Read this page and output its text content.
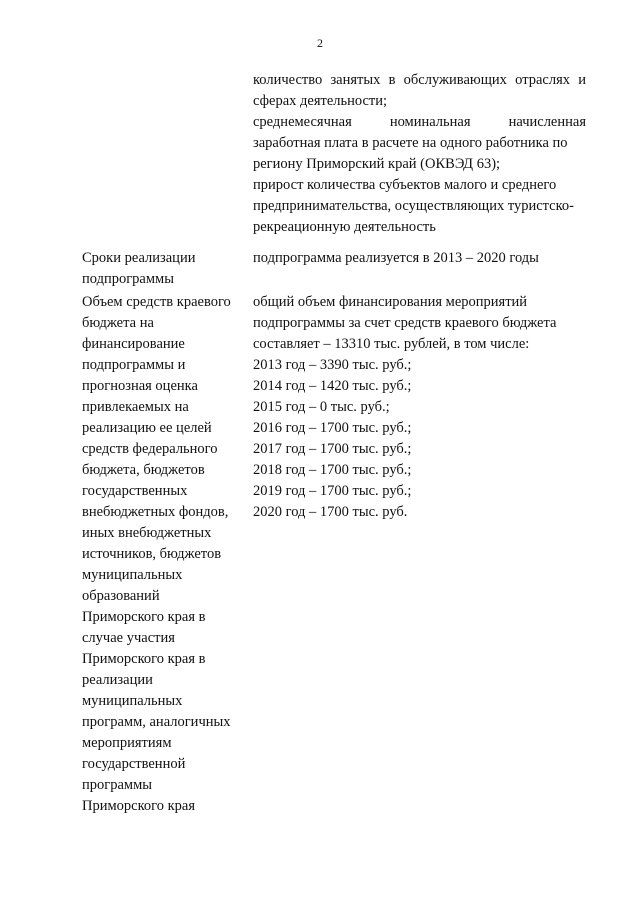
2
количество занятых в обслуживающих отраслях и
сферах деятельности;
среднемесячная	номинальная	начисленная
заработная плата в расчете на одного работника по
региону Приморский край (ОКВЭД 63);
прирост количества субъектов малого и среднего
предпринимательства, осуществляющих туристско-
рекреационную деятельность
Сроки реализации
подпрограммы
подпрограмма реализуется в 2013 – 2020 годы
Объем средств краевого
бюджета на
финансирование
подпрограммы и
прогнозная оценка
привлекаемых на
реализацию ее целей
средств федерального
бюджета, бюджетов
государственных
внебюджетных фондов,
иных внебюджетных
источников, бюджетов
муниципальных
образований
Приморского края в
случае участия
Приморского края в
реализации
муниципальных
программ, аналогичных
мероприятиям
государственной
программы
Приморского края
общий объем финансирования мероприятий
подпрограммы за счет средств краевого бюджета
составляет – 13310 тыс. рублей, в том числе:
2013 год – 3390 тыс. руб.;
2014 год – 1420 тыс. руб.;
2015 год – 0 тыс. руб.;
2016 год – 1700 тыс. руб.;
2017 год – 1700 тыс. руб.;
2018 год – 1700 тыс. руб.;
2019 год – 1700 тыс. руб.;
2020 год – 1700 тыс. руб.
